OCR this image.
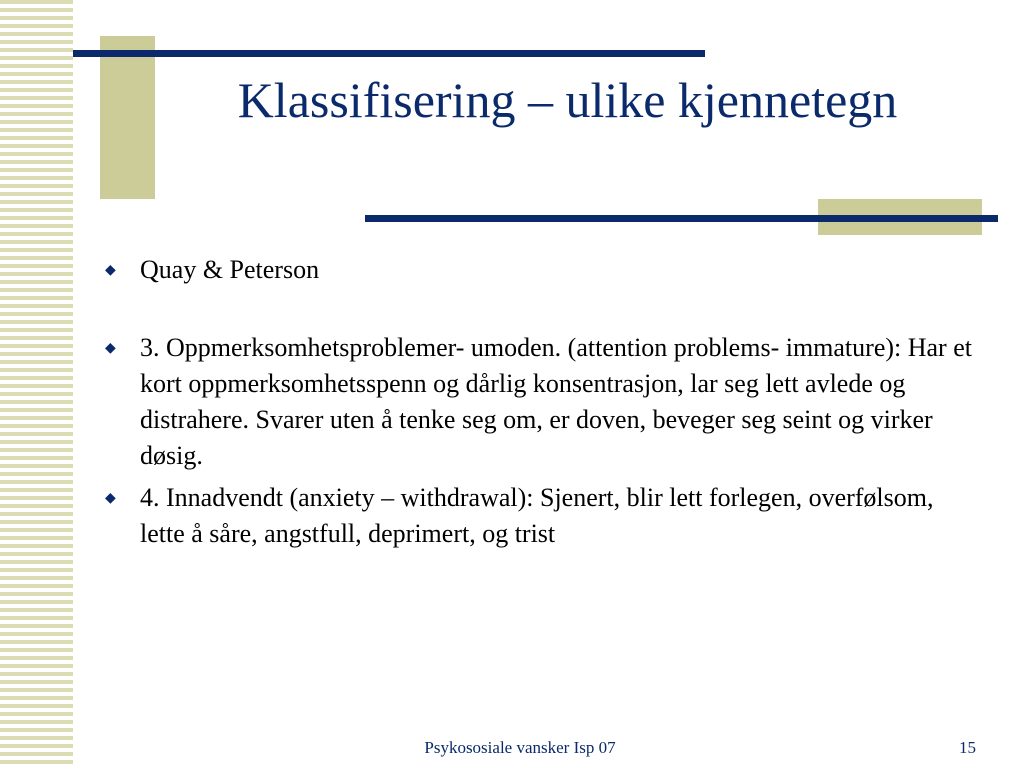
Klassifisering – ulike kjennetegn
◆ Quay & Peterson
◆ 3. Oppmerksomhetsproblemer- umoden. (attention problems- immature): Har et kort oppmerksomhetsspenn og dårlig konsentrasjon, lar seg lett avlede og distrahere. Svarer uten å tenke seg om, er doven, beveger seg seint og virker døsig.
◆ 4. Innadvendt (anxiety – withdrawal): Sjenert, blir lett forlegen, overfølsom, lette å såre, angstfull, deprimert, og trist
Psykososiale vansker Isp 07	15
